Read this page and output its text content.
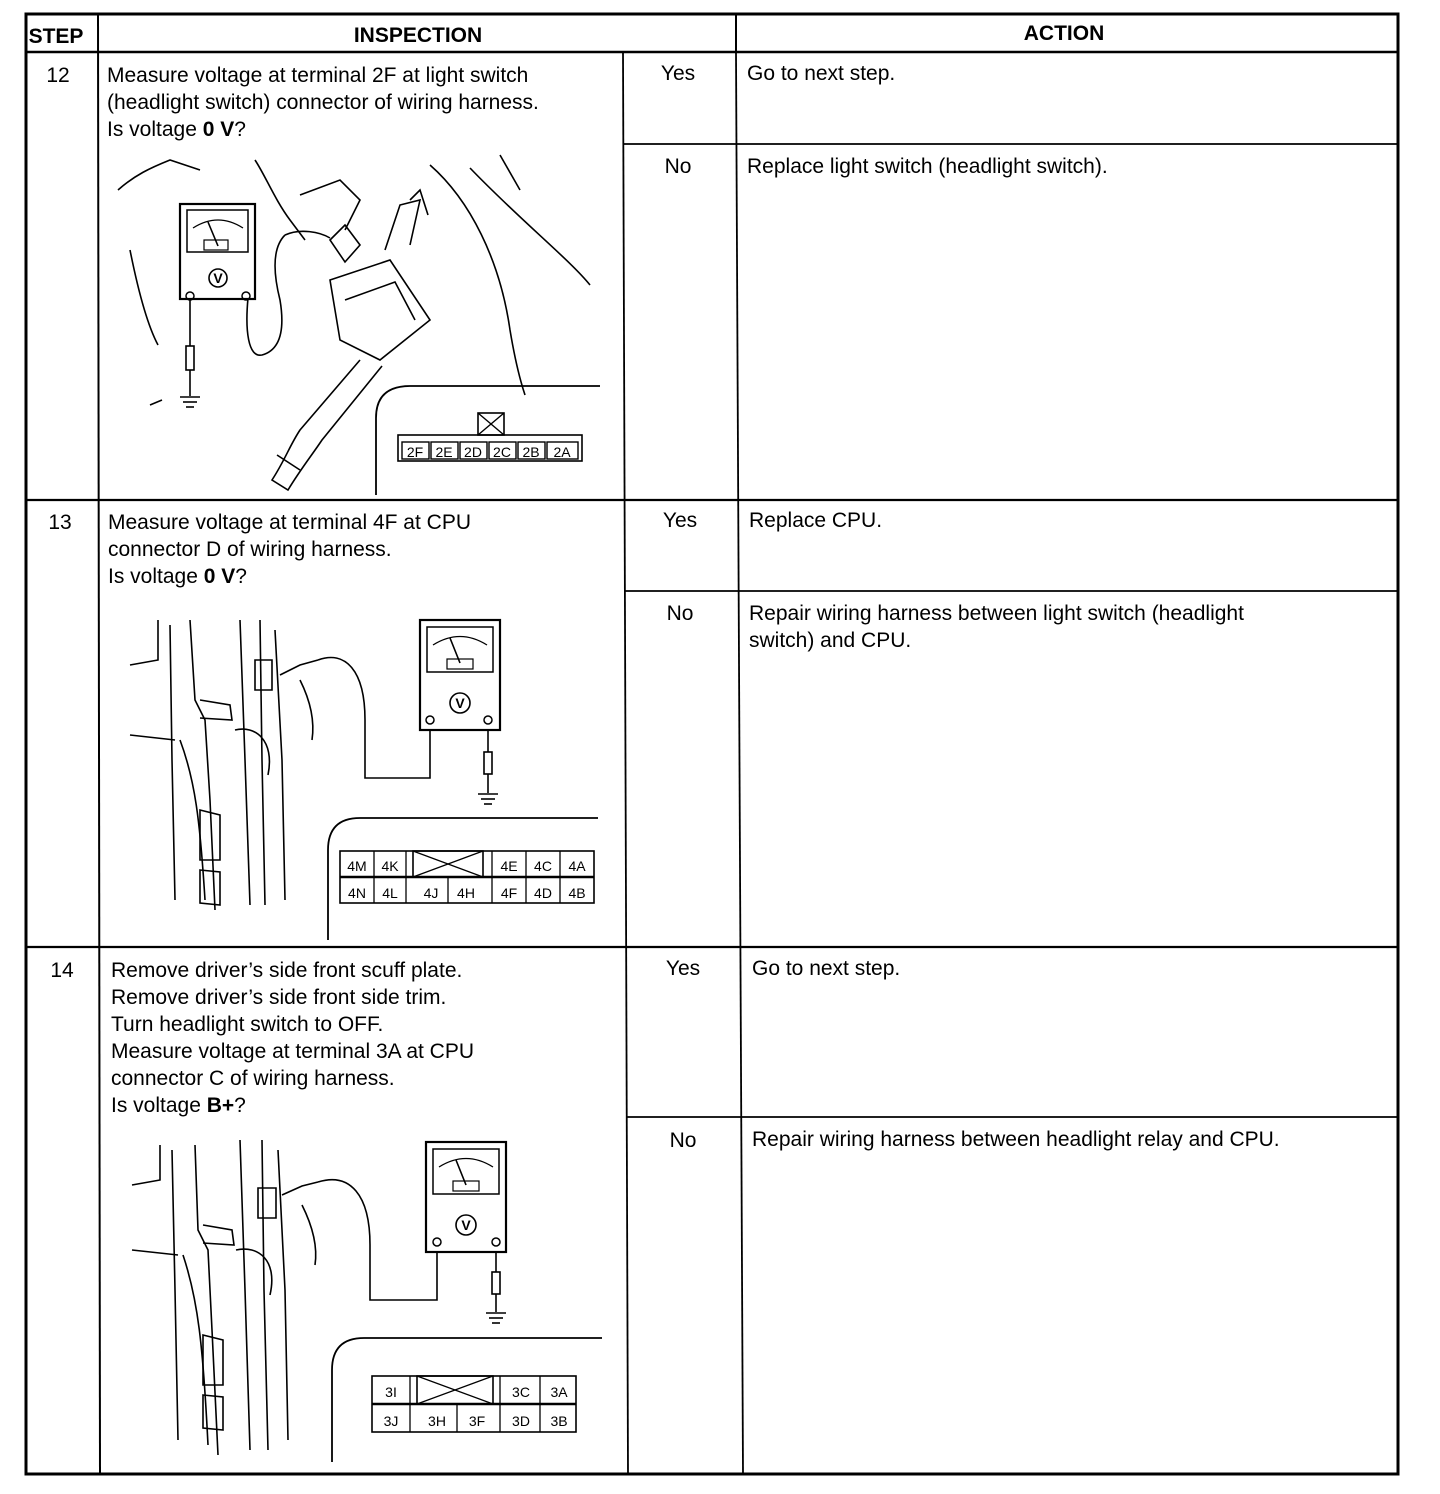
STEP	INSPECTION	ACTION
12 Measure voltage at terminal 2F at light switch
(headlight switch) connector of wiring harness.
Is voltage 0 V?
Yes Go to next step.
No	Replace light switch (headlight switch).
V
2F 2E 2D 2C 2B 2A
13 Measure voltage at terminal 4F at CPU
connector D of wiring harness.
Is voltage 0 V?
Yes Replace CPU.
No	Repair wiring harness between light switch (headlight
switch) and CPU.
V
4M 4K	4E 4C 4A
4N 4L 4J 4H 4F 4D 4B
14 Remove driver’s side front scuff plate.
Remove driver’s side front side trim.
Turn headlight switch to OFF.
Measure voltage at terminal 3A at CPU
connector C of wiring harness.
Is voltage B+?
Yes Go to next step.
No	Repair wiring harness between headlight relay and CPU.
V
3I	3C 3A
3J 3H 3F 3D 3B
